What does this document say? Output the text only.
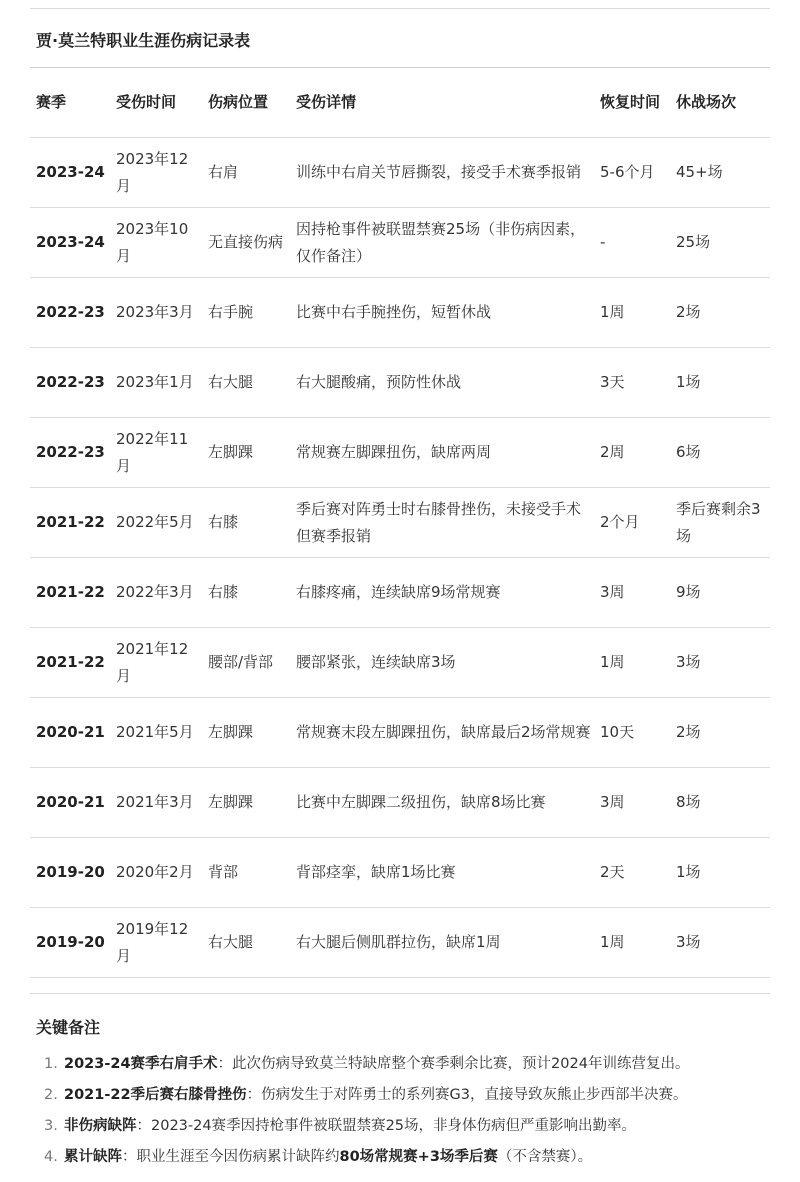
贾·莫兰特职业生涯伤病记录表
赛季	受伤时间	伤病位置	受伤详情	恢复时间	休战场次
2023-24	2023年12月	右肩	训练中右肩关节唇撕裂，接受手术赛季报销	5-6个月	45+场
2023-24	2023年10月	无直接伤病	因持枪事件被联盟禁赛25场（非伤病因素，仅作备注）	-	25场
2022-23	2023年3月	右手腕	比赛中右手腕挫伤，短暂休战	1周	2场
2022-23	2023年1月	右大腿	右大腿酸痛，预防性休战	3天	1场
2022-23	2022年11月	左脚踝	常规赛左脚踝扭伤，缺席两周	2周	6场
2021-22	2022年5月	右膝	季后赛对阵勇士时右膝骨挫伤，未接受手术但赛季报销	2个月	季后赛剩余3场
2021-22	2022年3月	右膝	右膝疼痛，连续缺席9场常规赛	3周	9场
2021-22	2021年12月	腰部/背部	腰部紧张，连续缺席3场	1周	3场
2020-21	2021年5月	左脚踝	常规赛末段左脚踝扭伤，缺席最后2场常规赛	10天	2场
2020-21	2021年3月	左脚踝	比赛中左脚踝二级扭伤，缺席8场比赛	3周	8场
2019-20	2020年2月	背部	背部痉挛，缺席1场比赛	2天	1场
2019-20	2019年12月	右大腿	右大腿后侧肌群拉伤，缺席1周	1周	3场
关键备注
2023-24赛季右肩手术：此次伤病导致莫兰特缺席整个赛季剩余比赛，预计2024年训练营复出。
2021-22季后赛右膝骨挫伤：伤病发生于对阵勇士的系列赛G3，直接导致灰熊止步西部半决赛。
非伤病缺阵：2023-24赛季因持枪事件被联盟禁赛25场，非身体伤病但严重影响出勤率。
累计缺阵：职业生涯至今因伤病累计缺阵约80场常规赛+3场季后赛（不含禁赛）。
